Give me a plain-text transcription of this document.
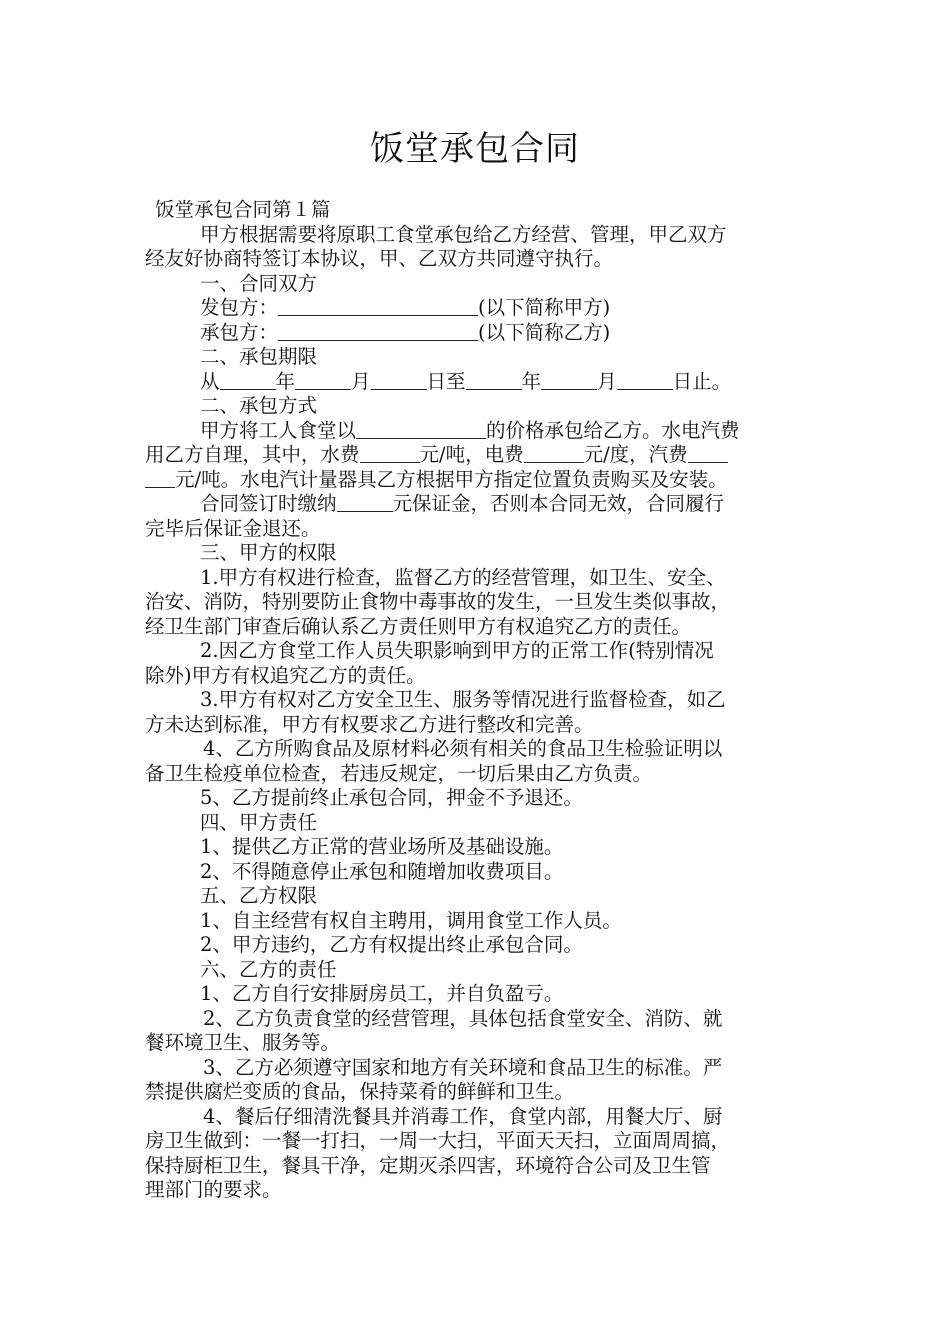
饭堂承包合同

饭堂承包合同第１篇

甲方根据需要将原职工食堂承包给乙方经营、管理，甲乙双方

经友好协商特签订本协议，甲、乙双方共同遵守执行。

一、合同双方

发包方：	(以下简称甲方)

承包方：	(以下简称乙方)

二、承包期限

从	年	月	日至	年	月	日止。

二、承包方式

甲方将工人食堂以	的价格承包给乙方。水电汽费

用乙方自理，其中，水费	元/吨，电费	元/度，汽费

元/吨。水电汽计量器具乙方根据甲方指定位置负责购买及安装。

合同签订时缴纳	元保证金，否则本合同无效，合同履行

完毕后保证金退还。

三、甲方的权限

1.甲方有权进行检查，监督乙方的经营管理，如卫生、安全、

治安、消防，特别要防止食物中毒事故的发生，一旦发生类似事故，

经卫生部门审查后确认系乙方责任则甲方有权追究乙方的责任。

2.因乙方食堂工作人员失职影响到甲方的正常工作(特别情况

除外)甲方有权追究乙方的责任。

3.甲方有权对乙方安全卫生、服务等情况进行监督检查，如乙

方未达到标准，甲方有权要求乙方进行整改和完善。

4、乙方所购食品及原材料必须有相关的食品卫生检验证明以

备卫生检疫单位检查，若违反规定，一切后果由乙方负责。

5、乙方提前终止承包合同，押金不予退还。

四、甲方责任

1、提供乙方正常的营业场所及基础设施。

2、不得随意停止承包和随增加收费项目。

五、乙方权限

1、自主经营有权自主聘用，调用食堂工作人员。

2、甲方违约，乙方有权提出终止承包合同。

六、乙方的责任

1、乙方自行安排厨房员工，并自负盈亏。

2、乙方负责食堂的经营管理，具体包括食堂安全、消防、就

餐环境卫生、服务等。

3、乙方必须遵守国家和地方有关环境和食品卫生的标准。严

禁提供腐烂变质的食品，保持菜肴的鲜鲜和卫生。

4、餐后仔细清洗餐具并消毒工作，食堂内部，用餐大厅、厨

房卫生做到：一餐一打扫，一周一大扫，平面天天扫，立面周周搞，

保持厨柜卫生，餐具干净，定期灭杀四害，环境符合公司及卫生管

理部门的要求。
